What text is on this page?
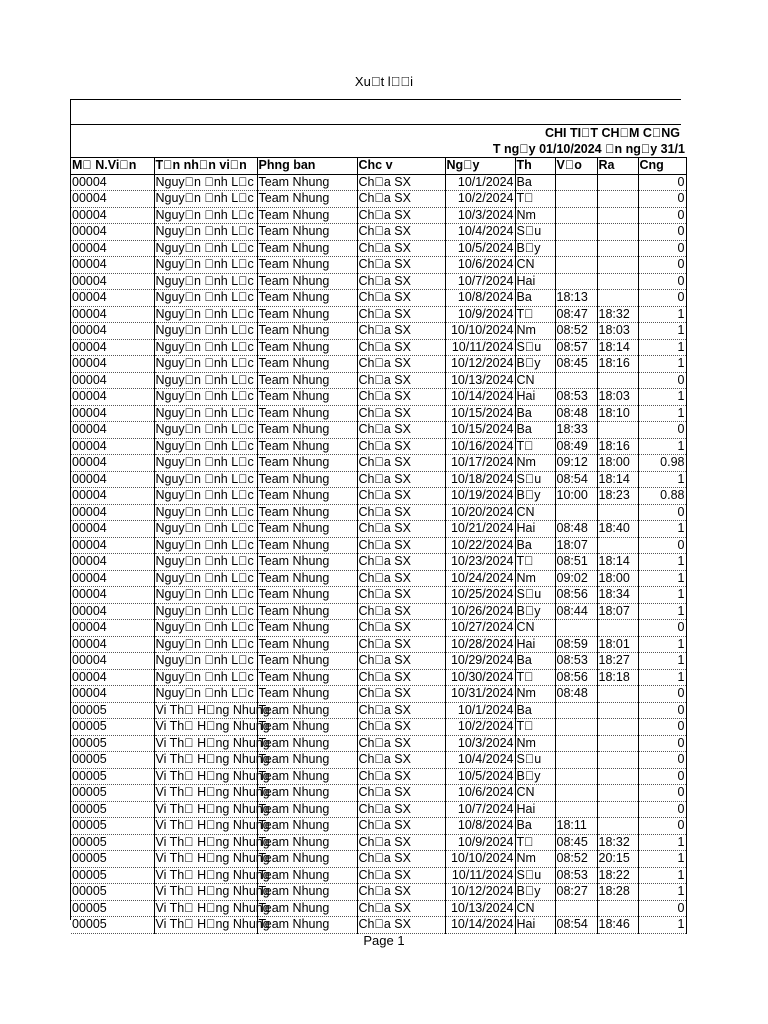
Xu t l  i
CHI TI T CH M C NG
T ng y 01/10/2024  n ng y 31/1
M  N.Vi n	T n nh n vi n	Phng ban	Chc v	Ng y	Th	V o	Ra	Cng
00004	Nguy n  nh L c	Team Nhung	Ch a SX	10/1/2024	Ba			0
00004	Nguy n  nh L c	Team Nhung	Ch a SX	10/2/2024	T 			0
00004	Nguy n  nh L c	Team Nhung	Ch a SX	10/3/2024	Nm			0
00004	Nguy n  nh L c	Team Nhung	Ch a SX	10/4/2024	S u			0
00004	Nguy n  nh L c	Team Nhung	Ch a SX	10/5/2024	B y			0
00004	Nguy n  nh L c	Team Nhung	Ch a SX	10/6/2024	CN			0
00004	Nguy n  nh L c	Team Nhung	Ch a SX	10/7/2024	Hai			0
00004	Nguy n  nh L c	Team Nhung	Ch a SX	10/8/2024	Ba	18:13		0
00004	Nguy n  nh L c	Team Nhung	Ch a SX	10/9/2024	T 	08:47	18:32	1
00004	Nguy n  nh L c	Team Nhung	Ch a SX	10/10/2024	Nm	08:52	18:03	1
00004	Nguy n  nh L c	Team Nhung	Ch a SX	10/11/2024	S u	08:57	18:14	1
00004	Nguy n  nh L c	Team Nhung	Ch a SX	10/12/2024	B y	08:45	18:16	1
00004	Nguy n  nh L c	Team Nhung	Ch a SX	10/13/2024	CN			0
00004	Nguy n  nh L c	Team Nhung	Ch a SX	10/14/2024	Hai	08:53	18:03	1
00004	Nguy n  nh L c	Team Nhung	Ch a SX	10/15/2024	Ba	08:48	18:10	1
00004	Nguy n  nh L c	Team Nhung	Ch a SX	10/15/2024	Ba	18:33		0
00004	Nguy n  nh L c	Team Nhung	Ch a SX	10/16/2024	T 	08:49	18:16	1
00004	Nguy n  nh L c	Team Nhung	Ch a SX	10/17/2024	Nm	09:12	18:00	0.98
00004	Nguy n  nh L c	Team Nhung	Ch a SX	10/18/2024	S u	08:54	18:14	1
00004	Nguy n  nh L c	Team Nhung	Ch a SX	10/19/2024	B y	10:00	18:23	0.88
00004	Nguy n  nh L c	Team Nhung	Ch a SX	10/20/2024	CN			0
00004	Nguy n  nh L c	Team Nhung	Ch a SX	10/21/2024	Hai	08:48	18:40	1
00004	Nguy n  nh L c	Team Nhung	Ch a SX	10/22/2024	Ba	18:07		0
00004	Nguy n  nh L c	Team Nhung	Ch a SX	10/23/2024	T 	08:51	18:14	1
00004	Nguy n  nh L c	Team Nhung	Ch a SX	10/24/2024	Nm	09:02	18:00	1
00004	Nguy n  nh L c	Team Nhung	Ch a SX	10/25/2024	S u	08:56	18:34	1
00004	Nguy n  nh L c	Team Nhung	Ch a SX	10/26/2024	B y	08:44	18:07	1
00004	Nguy n  nh L c	Team Nhung	Ch a SX	10/27/2024	CN			0
00004	Nguy n  nh L c	Team Nhung	Ch a SX	10/28/2024	Hai	08:59	18:01	1
00004	Nguy n  nh L c	Team Nhung	Ch a SX	10/29/2024	Ba	08:53	18:27	1
00004	Nguy n  nh L c	Team Nhung	Ch a SX	10/30/2024	T 	08:56	18:18	1
00004	Nguy n  nh L c	Team Nhung	Ch a SX	10/31/2024	Nm	08:48		0
00005	Vi Th  H ng Nhung	Team Nhung	Ch a SX	10/1/2024	Ba			0
00005	Vi Th  H ng Nhung	Team Nhung	Ch a SX	10/2/2024	T 			0
00005	Vi Th  H ng Nhung	Team Nhung	Ch a SX	10/3/2024	Nm			0
00005	Vi Th  H ng Nhung	Team Nhung	Ch a SX	10/4/2024	S u			0
00005	Vi Th  H ng Nhung	Team Nhung	Ch a SX	10/5/2024	B y			0
00005	Vi Th  H ng Nhung	Team Nhung	Ch a SX	10/6/2024	CN			0
00005	Vi Th  H ng Nhung	Team Nhung	Ch a SX	10/7/2024	Hai			0
00005	Vi Th  H ng Nhung	Team Nhung	Ch a SX	10/8/2024	Ba	18:11		0
00005	Vi Th  H ng Nhung	Team Nhung	Ch a SX	10/9/2024	T 	08:45	18:32	1
00005	Vi Th  H ng Nhung	Team Nhung	Ch a SX	10/10/2024	Nm	08:52	20:15	1
00005	Vi Th  H ng Nhung	Team Nhung	Ch a SX	10/11/2024	S u	08:53	18:22	1
00005	Vi Th  H ng Nhung	Team Nhung	Ch a SX	10/12/2024	B y	08:27	18:28	1
00005	Vi Th  H ng Nhung	Team Nhung	Ch a SX	10/13/2024	CN			0
00005	Vi Th  H ng Nhung	Team Nhung	Ch a SX	10/14/2024	Hai	08:54	18:46	1
Page 1
